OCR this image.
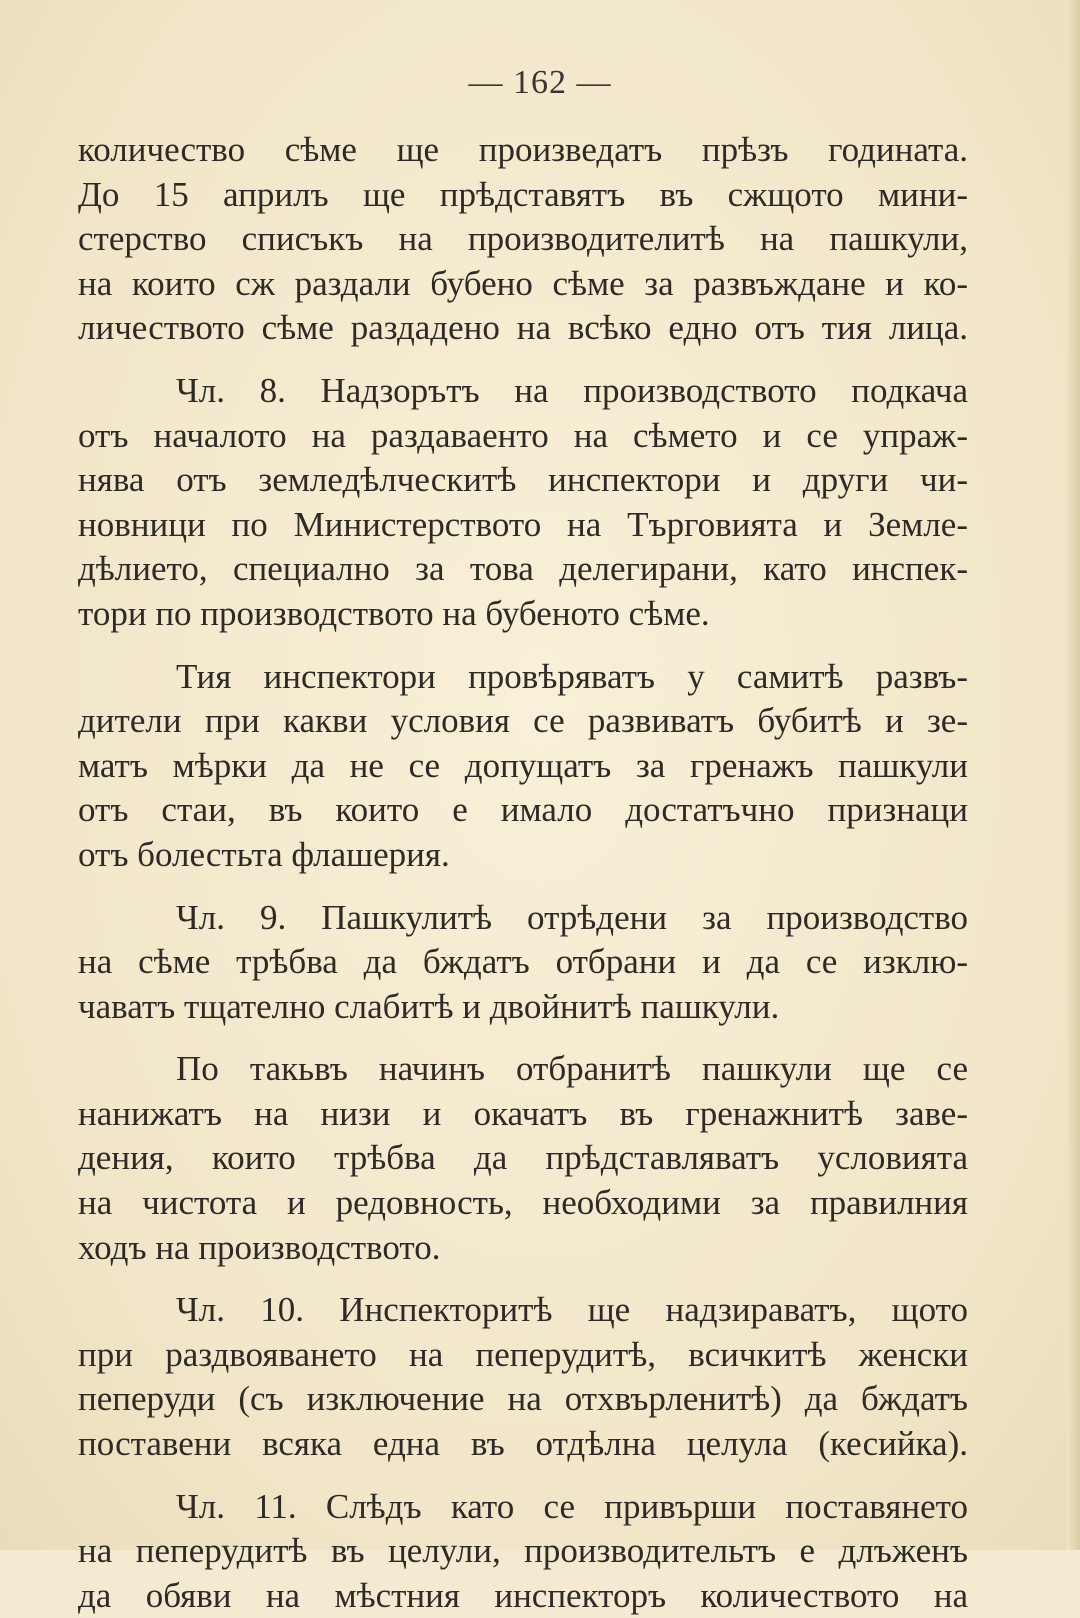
— 162 —
количество сѣме ще произведатъ прѣзъ годината.
До 15 априлъ ще прѣдставятъ въ сжщото мини-
стерство списъкъ на производителитѣ на пашкули,
на които сж раздали бубено сѣме за развъждане и ко-
личеството сѣме раздадено на всѣко едно отъ тия лица.
Чл. 8. Надзорътъ на производството подкача
отъ началото на раздаваенто на сѣмето и се упраж-
нява отъ земледѣлческитѣ инспектори и други чи-
новници по Министерството на Търговията и Земле-
дѣлието, специално за това делегирани, като инспек-
тори по производството на бубеното сѣме.
Тия инспектори провѣряватъ у самитѣ развъ-
дители при какви условия се развиватъ бубитѣ и зе-
матъ мѣрки да не се допущатъ за гренажъ пашкули
отъ стаи, въ които е имало достатъчно признаци
отъ болестьта флашерия.
Чл. 9. Пашкулитѣ отрѣдени за производство
на сѣме трѣбва да бждатъ отбрани и да се изклю-
чаватъ тщателно слабитѣ и двойнитѣ пашкули.
По такьвъ начинъ отбранитѣ пашкули ще се
нанижатъ на низи и окачатъ въ гренажнитѣ заве-
дения, които трѣбва да прѣдставляватъ условията
на чистота и редовность, необходими за правилния
ходъ на производството.
Чл. 10. Инспекторитѣ ще надзираватъ, щото
при раздвояването на пеперудитѣ, всичкитѣ женски
пеперуди (съ изключение на отхвърленитѣ) да бждатъ
поставени всяка една въ отдѣлна целула (кесийка).
Чл. 11. Слѣдъ като се привърши поставянето
на пеперудитѣ въ целули, производительтъ е длъженъ
да обяви на мѣстния инспекторъ количеството на
